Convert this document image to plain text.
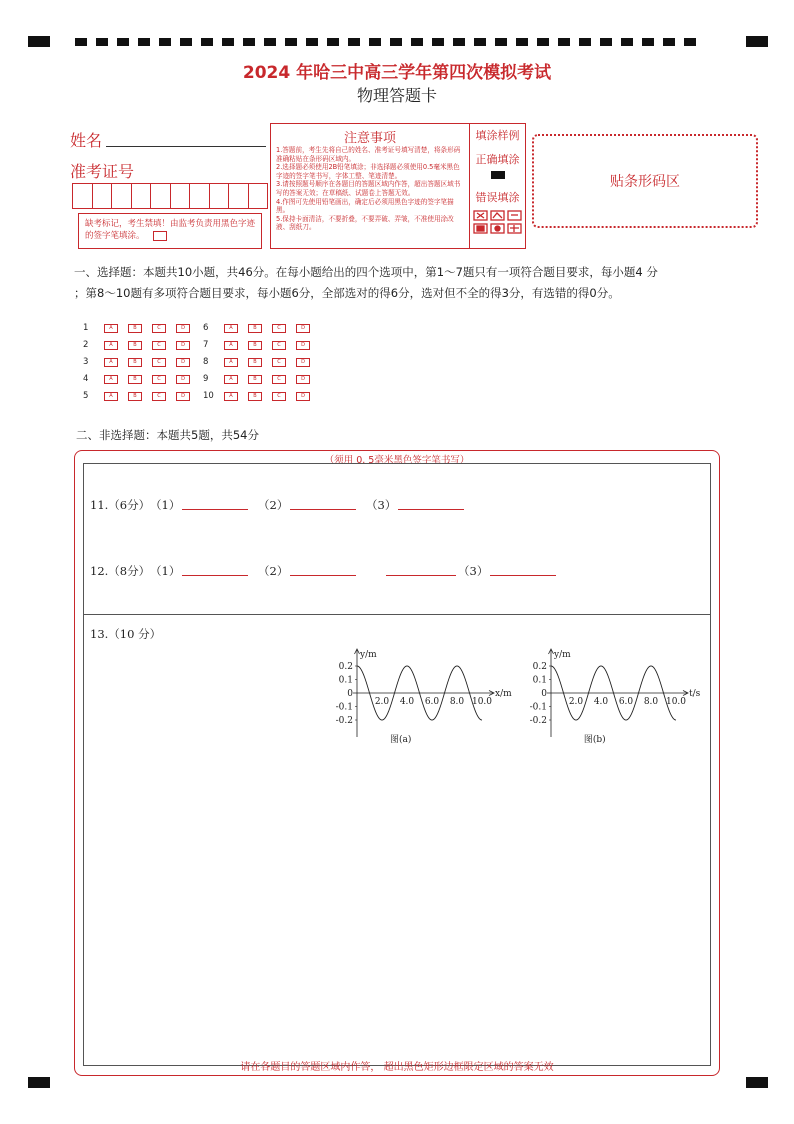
2024 年哈三中高三学年第四次模拟考试
物理答题卡
姓名
准考证号
缺考标记，考生禁填！由监考负责用黑色字迹的签字笔填涂。
注意事项
1.答题前，考生先将自己的姓名、准考证号填写清楚，将条形码准确粘贴在条形码区域内。
2.选择题必须使用2B铅笔填涂；非选择题必须使用0.5毫米黑色字迹的签字笔书写，字体工整、笔迹清楚。
3.请按照题号顺序在各题目的答题区域内作答，超出答题区域书写的答案无效；在草稿纸、试题卷上答题无效。
4.作图可先使用铅笔画出，确定后必须用黑色字迹的签字笔描黑。
5.保持卡面清洁，不要折叠，不要弄破、弄皱，不准使用涂改液、刮纸刀。
填涂样例
正确填涂
错误填涂
贴条形码区
一、选择题：本题共10小题，共46分。在每小题给出的四个选项中，第1～7题只有一项符合题目要求，每小题4 分
；第8～10题有多项符合题目要求，每小题6分，全部选对的得6分，选对但不全的得3分，有选错的得0分。
1	A	B	C	D
2	A	B	C	D
3	A	B	C	D
4	A	B	C	D
5	A	B	C	D
6	A	B	C	D
7	A	B	C	D
8	A	B	C	D
9	A	B	C	D
10	A	B	C	D
二、非选择题：本题共5题，共54分
（须用 0. 5毫米黑色签字笔书写）
请在各题目的答题区域内作答， 超出黑色矩形边框限定区域的答案无效
11.（6分） （1）	（2）	（3）
12.（8分） （1）	（2）	（3）
13.（10 分）
y/m
x/m
0.2
0.1
0
-0.1
-0.2
2.0 4.0 6.0 8.0 10.0
图(a)
y/m
t/s
0.2
0.1
0
-0.1
-0.2
2.0 4.0 6.0 8.0 10.0
图(b)
